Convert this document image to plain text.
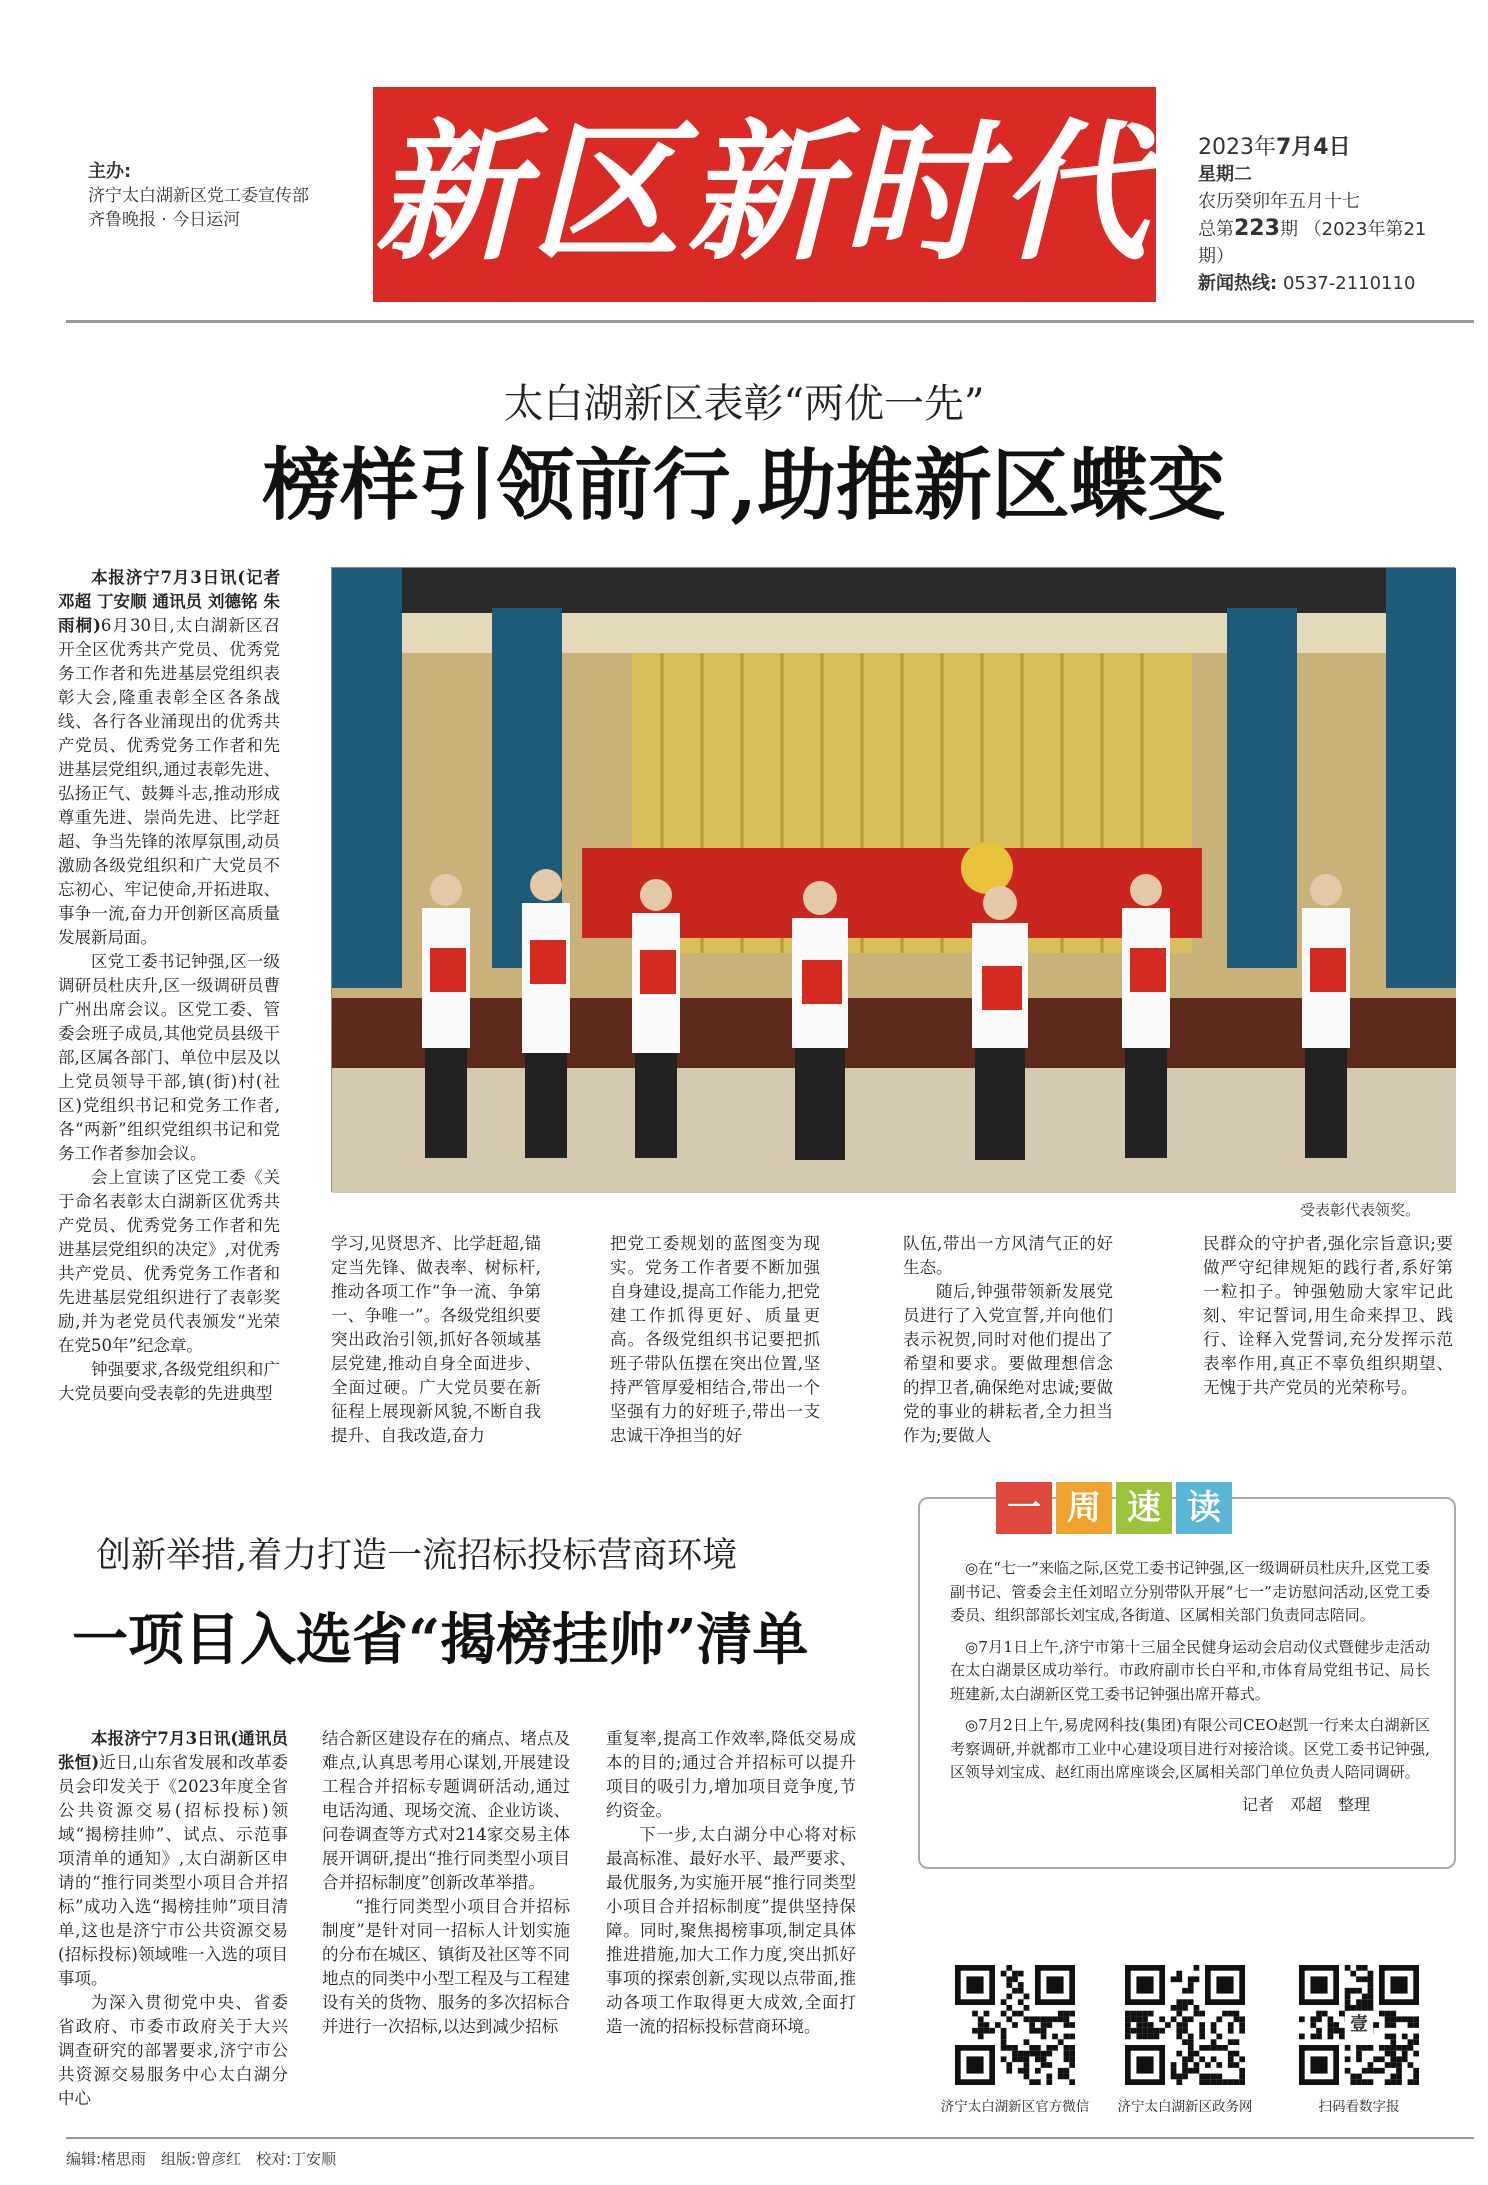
主办:
济宁太白湖新区党工委宣传部
齐鲁晚报 · 今日运河 新区新时代 2023年7月4日
星期二
农历癸卯年五月十七
总第223期 （2023年第21期）
新闻热线: 0537-2110110
太白湖新区表彰“两优一先”
榜样引领前行,助推新区蝶变

本报济宁7月3日讯(记者 邓超 丁安顺 通讯员 刘德铭 朱雨桐)6月30日,太白湖新区召开全区优秀共产党员、优秀党务工作者和先进基层党组织表彰大会,隆重表彰全区各条战线、各行各业涌现出的优秀共产党员、优秀党务工作者和先进基层党组织,通过表彰先进、弘扬正气、鼓舞斗志,推动形成尊重先进、崇尚先进、比学赶超、争当先锋的浓厚氛围,动员激励各级党组织和广大党员不忘初心、牢记使命,开拓进取、事争一流,奋力开创新区高质量发展新局面。

区党工委书记钟强,区一级调研员杜庆升,区一级调研员曹广州出席会议。区党工委、管委会班子成员,其他党员县级干部,区属各部门、单位中层及以上党员领导干部,镇(街)村(社区)党组织书记和党务工作者,各“两新”组织党组织书记和党务工作者参加会议。

会上宣读了区党工委《关于命名表彰太白湖新区优秀共产党员、优秀党务工作者和先进基层党组织的决定》,对优秀共产党员、优秀党务工作者和先进基层党组织进行了表彰奖励,并为老党员代表颁发“光荣在党50年”纪念章。

钟强要求,各级党组织和广大党员要向受表彰的先进典型

受表彰代表领奖。

学习,见贤思齐、比学赶超,锚定当先锋、做表率、树标杆,推动各项工作“争一流、争第一、争唯一”。各级党组织要突出政治引领,抓好各领域基层党建,推动自身全面进步、全面过硬。广大党员要在新征程上展现新风貌,不断自我提升、自我改造,奋力

把党工委规划的蓝图变为现实。党务工作者要不断加强自身建设,提高工作能力,把党建工作抓得更好、质量更高。各级党组织书记要把抓班子带队伍摆在突出位置,坚持严管厚爱相结合,带出一个坚强有力的好班子,带出一支忠诚干净担当的好

队伍,带出一方风清气正的好生态。

随后,钟强带领新发展党员进行了入党宣誓,并向他们表示祝贺,同时对他们提出了希望和要求。要做理想信念的捍卫者,确保绝对忠诚;要做党的事业的耕耘者,全力担当作为;要做人

民群众的守护者,强化宗旨意识;要做严守纪律规矩的践行者,系好第一粒扣子。钟强勉励大家牢记此刻、牢记誓词,用生命来捍卫、践行、诠释入党誓词,充分发挥示范表率作用,真正不辜负组织期望、无愧于共产党员的光荣称号。

创新举措,着力打造一流招标投标营商环境
一项目入选省“揭榜挂帅”清单

本报济宁7月3日讯(通讯员 张恒)近日,山东省发展和改革委员会印发关于《2023年度全省公共资源交易(招标投标)领域“揭榜挂帅”、试点、示范事项清单的通知》,太白湖新区申请的“推行同类型小项目合并招标”成功入选“揭榜挂帅”项目清单,这也是济宁市公共资源交易(招标投标)领域唯一入选的项目事项。

为深入贯彻党中央、省委省政府、市委市政府关于大兴调查研究的部署要求,济宁市公共资源交易服务中心太白湖分中心

结合新区建设存在的痛点、堵点及难点,认真思考用心谋划,开展建设工程合并招标专题调研活动,通过电话沟通、现场交流、企业访谈、问卷调查等方式对214家交易主体展开调研,提出“推行同类型小项目合并招标制度”创新改革举措。

“推行同类型小项目合并招标制度”是针对同一招标人计划实施的分布在城区、镇街及社区等不同地点的同类中小型工程及与工程建设有关的货物、服务的多次招标合并进行一次招标,以达到减少招标

重复率,提高工作效率,降低交易成本的目的;通过合并招标可以提升项目的吸引力,增加项目竞争度,节约资金。

下一步,太白湖分中心将对标最高标准、最好水平、最严要求、最优服务,为实施开展“推行同类型小项目合并招标制度”提供坚持保障。同时,聚焦揭榜事项,制定具体推进措施,加大工作力度,突出抓好事项的探索创新,实现以点带面,推动各项工作取得更大成效,全面打造一流的招标投标营商环境。

◎在“七一”来临之际,区党工委书记钟强,区一级调研员杜庆升,区党工委副书记、管委会主任刘昭立分别带队开展“七一”走访慰问活动,区党工委委员、组织部部长刘宝成,各街道、区属相关部门负责同志陪同。

◎7月1日上午,济宁市第十三届全民健身运动会启动仪式暨健步走活动在太白湖景区成功举行。市政府副市长白平和,市体育局党组书记、局长班建新,太白湖新区党工委书记钟强出席开幕式。

◎7月2日上午,易虎网科技(集团)有限公司CEO赵凯一行来太白湖新区考察调研,并就都市工业中心建设项目进行对接洽谈。区党工委书记钟强,区领导刘宝成、赵红雨出席座谈会,区属相关部门单位负责人陪同调研。

记者　邓超　整理

一 周 速 读
济宁太白湖新区官方微信	济宁太白湖新区政务网
壹
扫码看数字报
编辑:楮思雨　组版:曾彦红　校对:丁安顺
